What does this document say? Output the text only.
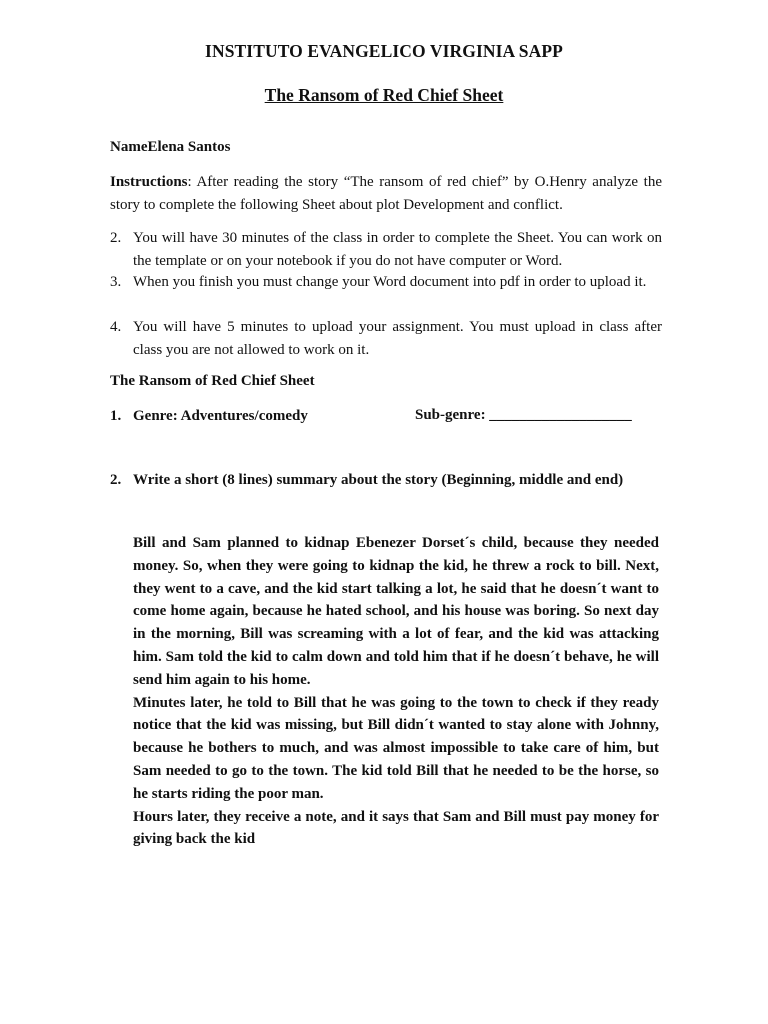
INSTITUTO EVANGELICO VIRGINIA SAPP
The Ransom of Red Chief Sheet
NameElena Santos
Instructions: After reading the story “The ransom of red chief” by O.Henry analyze the story to complete the following Sheet about plot Development and conflict.
2. You will have 30 minutes of the class in order to complete the Sheet. You can work on the template or on your notebook if you do not have computer or Word.
3. When you finish you must change your Word document into pdf in order to upload it.
4. You will have 5 minutes to upload your assignment. You must upload in class after class you are not allowed to work on it.
The Ransom of Red Chief Sheet
1. Genre: Adventures/comedy	Sub-genre: ___________________
2. Write a short (8 lines) summary about the story (Beginning, middle and end)

Bill and Sam planned to kidnap Ebenezer Dorset´s child, because they needed money. So, when they were going to kidnap the kid, he threw a rock to bill. Next, they went to a cave, and the kid start talking a lot, he said that he doesn´t want to come home again, because he hated school, and his house was boring. So next day in the morning, Bill was screaming with a lot of fear, and the kid was attacking him. Sam told the kid to calm down and told him that if he doesn´t behave, he will send him again to his home.

Minutes later, he told to Bill that he was going to the town to check if they ready notice that the kid was missing, but Bill didn´t wanted to stay alone with Johnny, because he bothers to much, and was almost impossible to take care of him, but Sam needed to go to the town. The kid told Bill that he needed to be the horse, so he starts riding the poor man.

Hours later, they receive a note, and it says that Sam and Bill must pay money for giving back the kid
